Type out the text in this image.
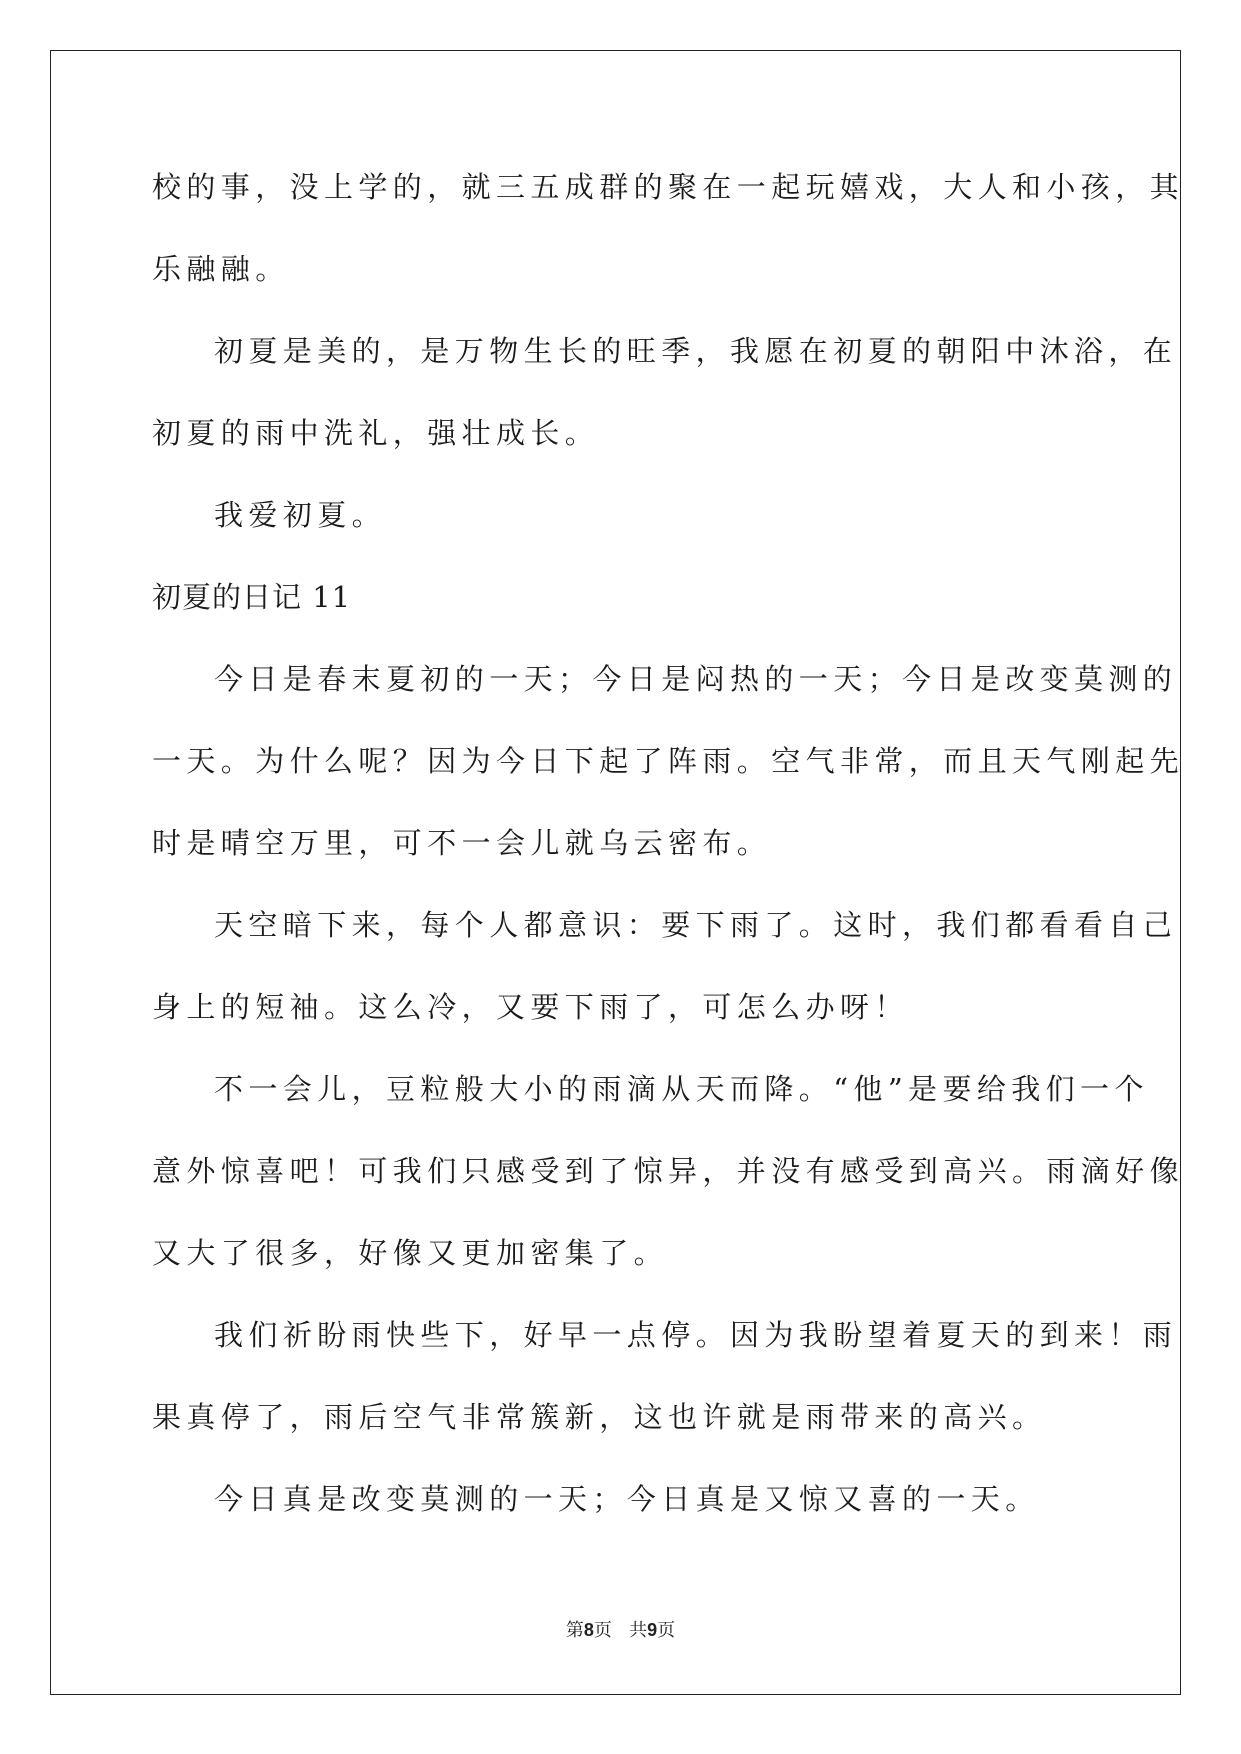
校的事，没上学的，就三五成群的聚在一起玩嬉戏，大人和小孩，其
乐融融。
初夏是美的，是万物生长的旺季，我愿在初夏的朝阳中沐浴，在
初夏的雨中洗礼，强壮成长。
我爱初夏。
初夏的日记 11
今日是春末夏初的一天；今日是闷热的一天；今日是改变莫测的
一天。为什么呢？因为今日下起了阵雨。空气非常，而且天气刚起先
时是晴空万里，可不一会儿就乌云密布。
天空暗下来，每个人都意识：要下雨了。这时，我们都看看自己
身上的短袖。这么冷，又要下雨了，可怎么办呀！
不一会儿，豆粒般大小的雨滴从天而降。“他”是要给我们一个
意外惊喜吧！可我们只感受到了惊异，并没有感受到高兴。雨滴好像
又大了很多，好像又更加密集了。
我们祈盼雨快些下，好早一点停。因为我盼望着夏天的到来！雨
果真停了，雨后空气非常簇新，这也许就是雨带来的高兴。
今日真是改变莫测的一天；今日真是又惊又喜的一天。
第8页   共9页
